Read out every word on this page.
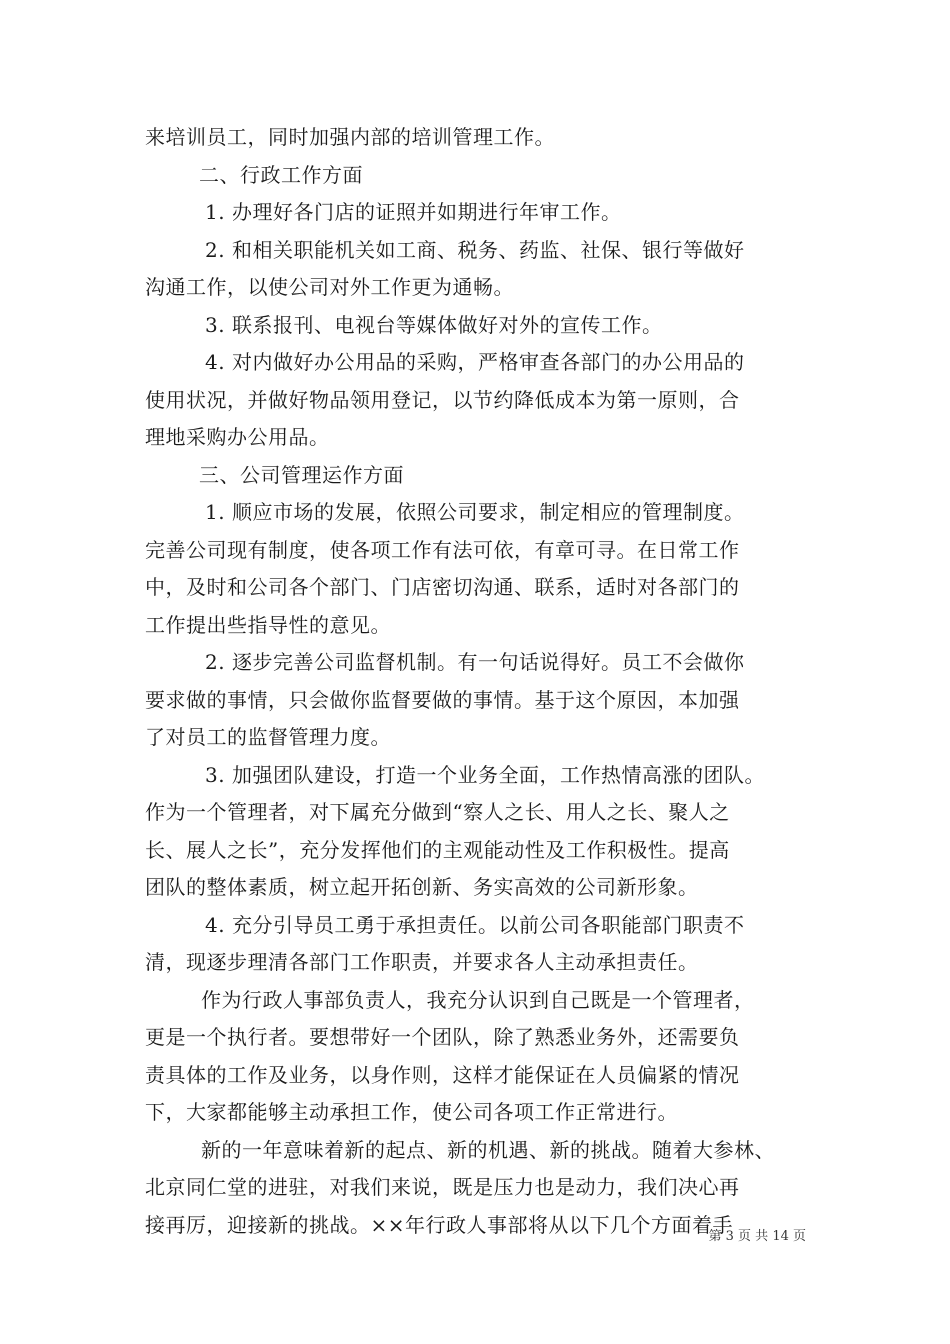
来培训员工，同时加强内部的培训管理工作。
二、行政工作方面
1. 办理好各门店的证照并如期进行年审工作。
2. 和相关职能机关如工商、税务、药监、社保、银行等做好
沟通工作，以使公司对外工作更为通畅。
3. 联系报刊、电视台等媒体做好对外的宣传工作。
4. 对内做好办公用品的采购，严格审查各部门的办公用品的
使用状况，并做好物品领用登记，以节约降低成本为第一原则，合
理地采购办公用品。
三、公司管理运作方面
1. 顺应市场的发展，依照公司要求，制定相应的管理制度。
完善公司现有制度，使各项工作有法可依，有章可寻。在日常工作
中，及时和公司各个部门、门店密切沟通、联系，适时对各部门的
工作提出些指导性的意见。
2. 逐步完善公司监督机制。有一句话说得好。员工不会做你
要求做的事情，只会做你监督要做的事情。基于这个原因，本加强
了对员工的监督管理力度。
3. 加强团队建设，打造一个业务全面，工作热情高涨的团队。
作为一个管理者，对下属充分做到“察人之长、用人之长、聚人之
长、展人之长”，充分发挥他们的主观能动性及工作积极性。提高
团队的整体素质，树立起开拓创新、务实高效的公司新形象。
4. 充分引导员工勇于承担责任。以前公司各职能部门职责不
清，现逐步理清各部门工作职责，并要求各人主动承担责任。
作为行政人事部负责人，我充分认识到自己既是一个管理者，
更是一个执行者。要想带好一个团队，除了熟悉业务外，还需要负
责具体的工作及业务，以身作则，这样才能保证在人员偏紧的情况
下，大家都能够主动承担工作，使公司各项工作正常进行。
新的一年意味着新的起点、新的机遇、新的挑战。随着大参林、
北京同仁堂的进驻，对我们来说，既是压力也是动力，我们决心再
接再厉，迎接新的挑战。××年行政人事部将从以下几个方面着手
第 3 页 共 14 页
